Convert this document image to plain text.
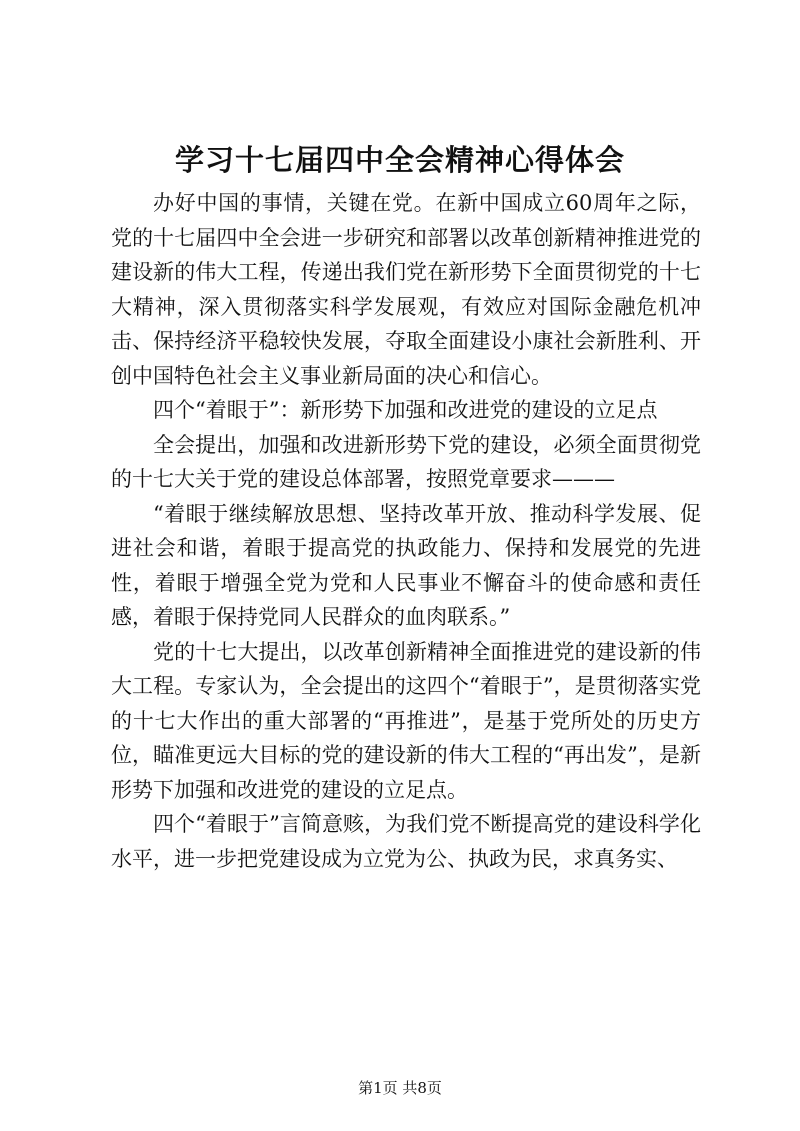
学习十七届四中全会精神心得体会

办好中国的事情，关键在党。在新中国成立60周年之际，党的十七届四中全会进一步研究和部署以改革创新精神推进党的建设新的伟大工程，传递出我们党在新形势下全面贯彻党的十七大精神，深入贯彻落实科学发展观，有效应对国际金融危机冲击、保持经济平稳较快发展，夺取全面建设小康社会新胜利、开创中国特色社会主义事业新局面的决心和信心。

四个“着眼于”：新形势下加强和改进党的建设的立足点

全会提出，加强和改进新形势下党的建设，必须全面贯彻党的十七大关于党的建设总体部署，按照党章要求———

“着眼于继续解放思想、坚持改革开放、推动科学发展、促进社会和谐，着眼于提高党的执政能力、保持和发展党的先进性，着眼于增强全党为党和人民事业不懈奋斗的使命感和责任感，着眼于保持党同人民群众的血肉联系。”

党的十七大提出，以改革创新精神全面推进党的建设新的伟大工程。专家认为，全会提出的这四个“着眼于”，是贯彻落实党的十七大作出的重大部署的“再推进”，是基于党所处的历史方位，瞄准更远大目标的党的建设新的伟大工程的“再出发”，是新形势下加强和改进党的建设的立足点。

四个“着眼于”言简意赅，为我们党不断提高党的建设科学化水平，进一步把党建设成为立党为公、执政为民，求真务实、

第1页 共8页
